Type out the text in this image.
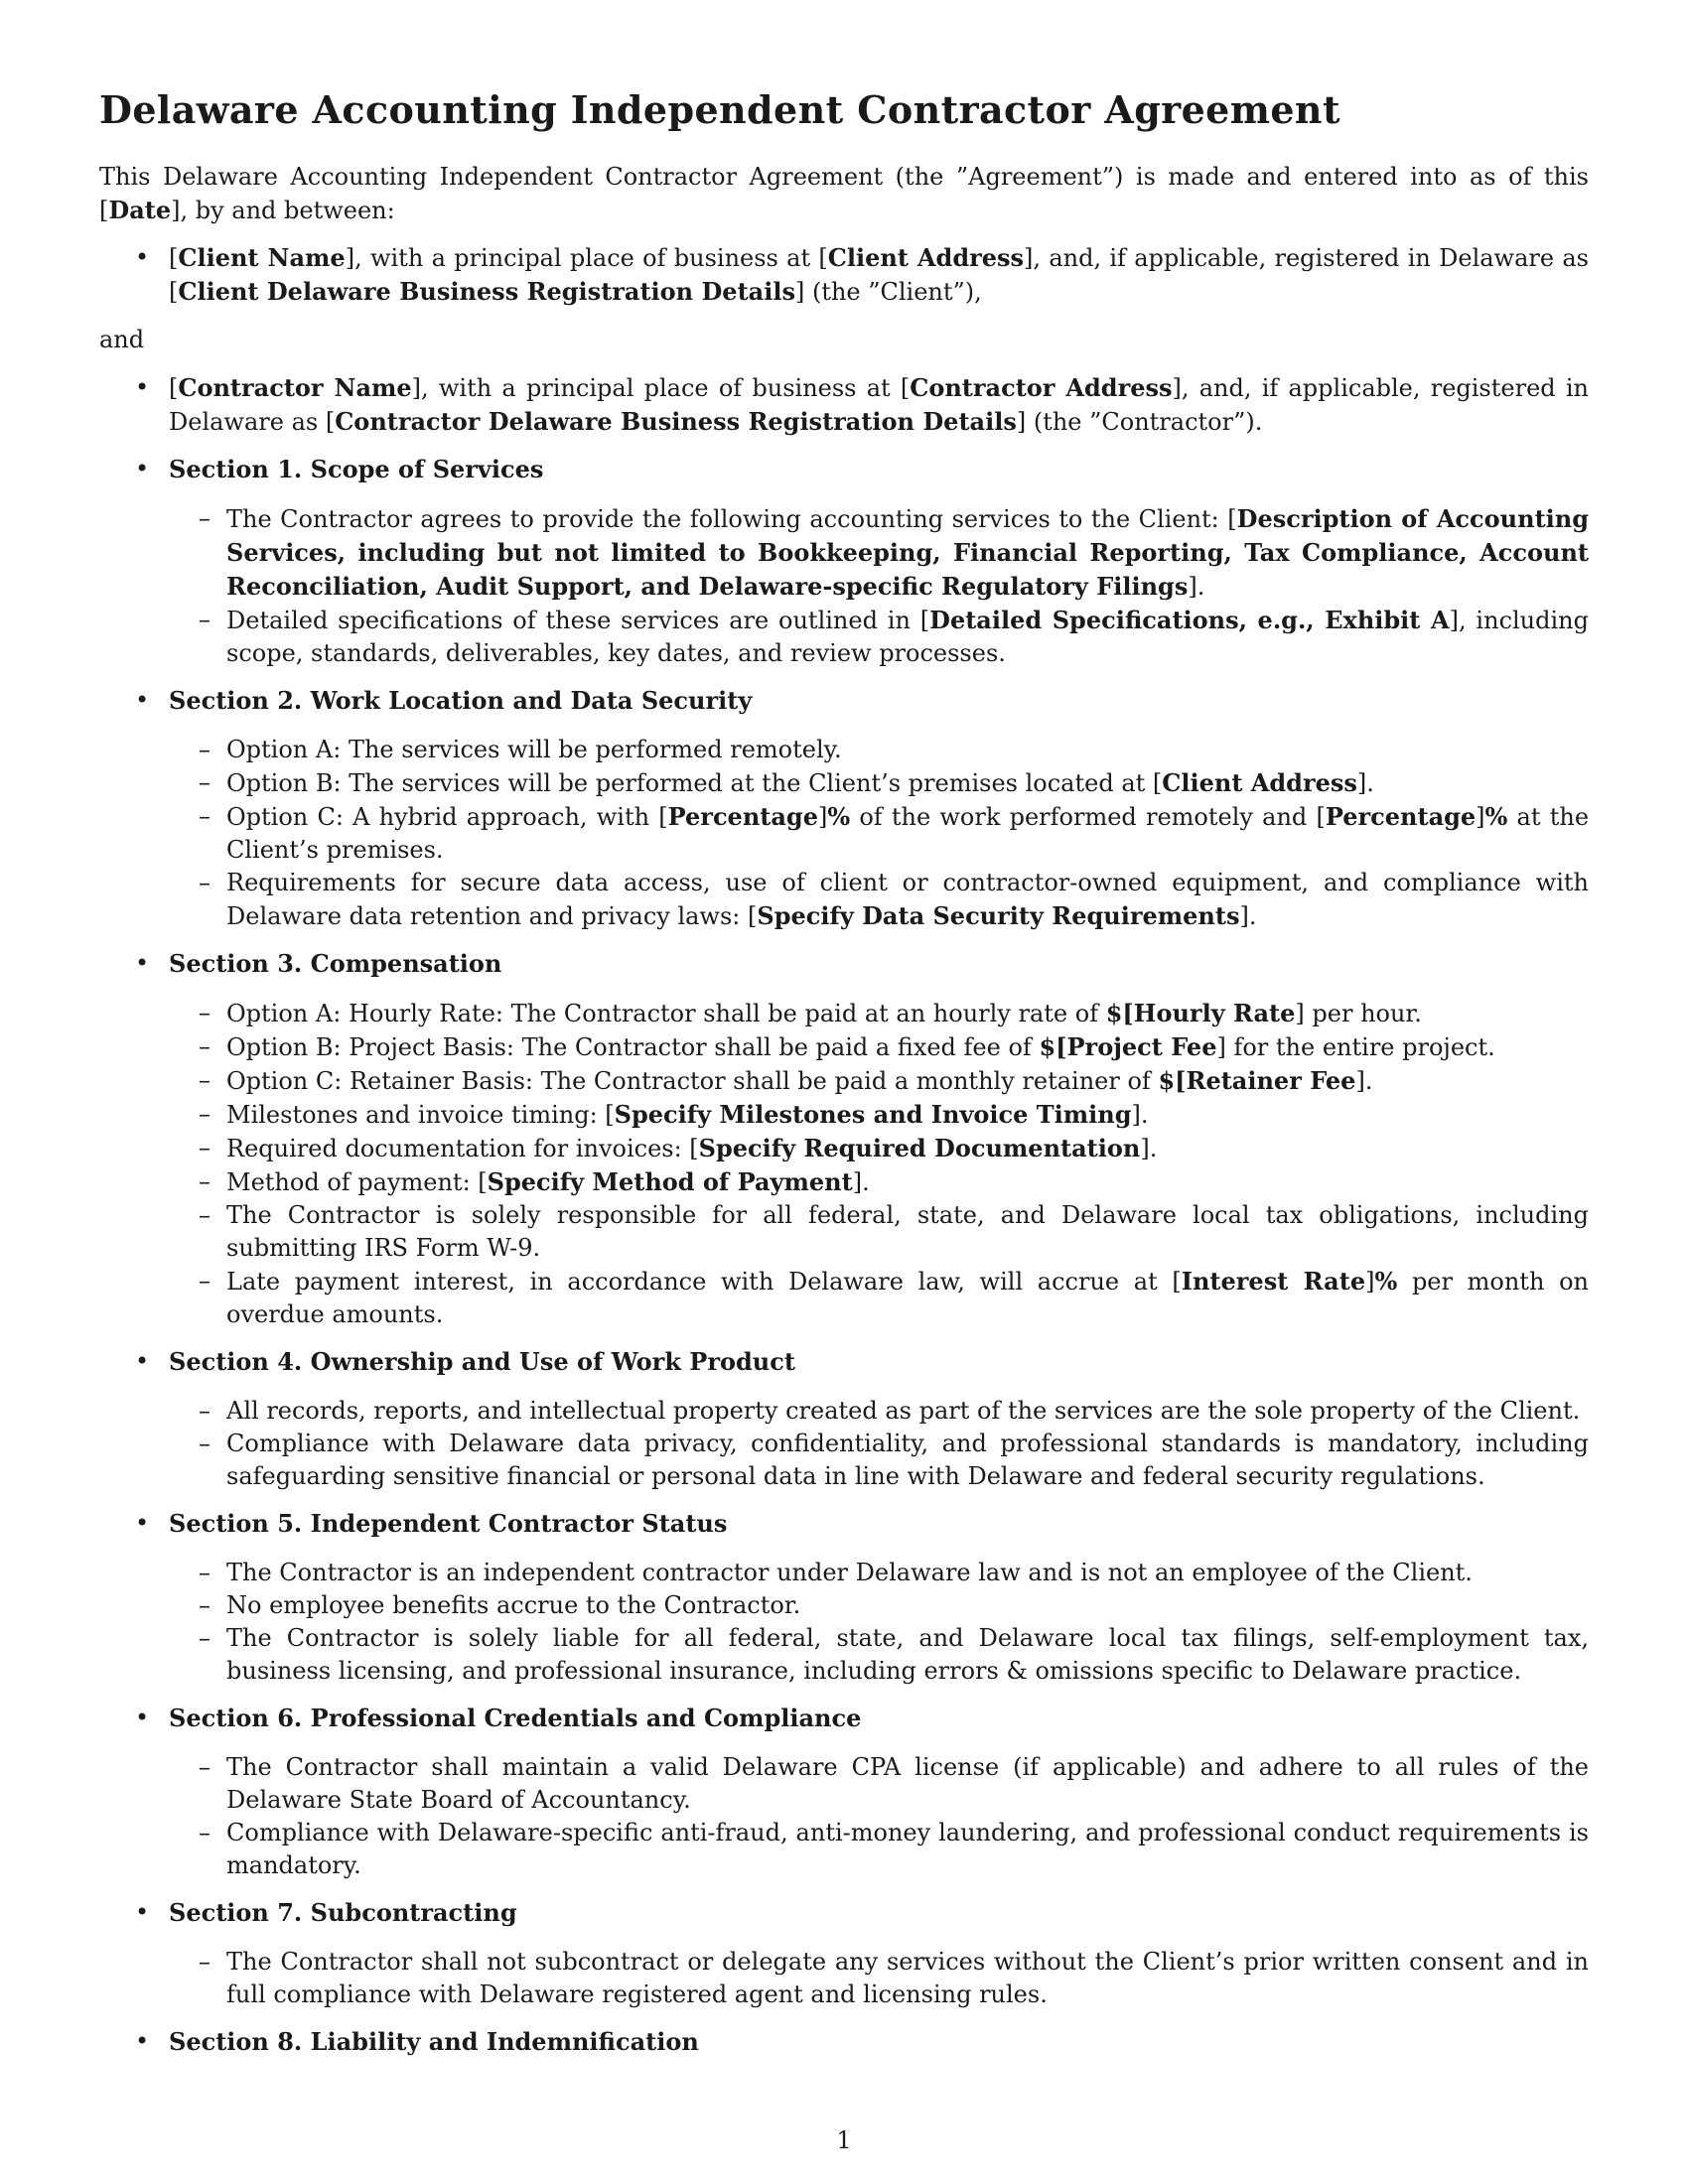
Delaware Accounting Independent Contractor Agreement

This Delaware Accounting Independent Contractor Agreement (the ”Agreement”) is made and entered into as of this [Date], by and between:

• [Client Name], with a principal place of business at [Client Address], and, if applicable, registered in Delaware as [Client Delaware Business Registration Details] (the ”Client”),

and

• [Contractor Name], with a principal place of business at [Contractor Address], and, if applicable, registered in Delaware as [Contractor Delaware Business Registration Details] (the ”Contractor”).
• Section 1. Scope of Services
– The Contractor agrees to provide the following accounting services to the Client: [Description of Accounting Services, including but not limited to Bookkeeping, Financial Reporting, Tax Compliance, Account Reconciliation, Audit Support, and Delaware-specific Regulatory Filings].
– Detailed specifications of these services are outlined in [Detailed Specifications, e.g., Exhibit A], including scope, standards, deliverables, key dates, and review processes.
• Section 2. Work Location and Data Security
– Option A: The services will be performed remotely.
– Option B: The services will be performed at the Client’s premises located at [Client Address].
– Option C: A hybrid approach, with [Percentage]% of the work performed remotely and [Percentage]% at the Client’s premises.
– Requirements for secure data access, use of client or contractor-owned equipment, and compliance with Delaware data retention and privacy laws: [Specify Data Security Requirements].
• Section 3. Compensation
– Option A: Hourly Rate: The Contractor shall be paid at an hourly rate of $[Hourly Rate] per hour.
– Option B: Project Basis: The Contractor shall be paid a fixed fee of $[Project Fee] for the entire project.
– Option C: Retainer Basis: The Contractor shall be paid a monthly retainer of $[Retainer Fee].
– Milestones and invoice timing: [Specify Milestones and Invoice Timing].
– Required documentation for invoices: [Specify Required Documentation].
– Method of payment: [Specify Method of Payment].
– The Contractor is solely responsible for all federal, state, and Delaware local tax obligations, including submitting IRS Form W-9.
– Late payment interest, in accordance with Delaware law, will accrue at [Interest Rate]% per month on overdue amounts.
• Section 4. Ownership and Use of Work Product
– All records, reports, and intellectual property created as part of the services are the sole property of the Client.
– Compliance with Delaware data privacy, confidentiality, and professional standards is mandatory, including safeguarding sensitive financial or personal data in line with Delaware and federal security regulations.
• Section 5. Independent Contractor Status
– The Contractor is an independent contractor under Delaware law and is not an employee of the Client.
– No employee benefits accrue to the Contractor.
– The Contractor is solely liable for all federal, state, and Delaware local tax filings, self-employment tax, business licensing, and professional insurance, including errors & omissions specific to Delaware practice.
• Section 6. Professional Credentials and Compliance
– The Contractor shall maintain a valid Delaware CPA license (if applicable) and adhere to all rules of the Delaware State Board of Accountancy.
– Compliance with Delaware-specific anti-fraud, anti-money laundering, and professional conduct requirements is mandatory.
• Section 7. Subcontracting
– The Contractor shall not subcontract or delegate any services without the Client’s prior written consent and in full compliance with Delaware registered agent and licensing rules.
• Section 8. Liability and Indemnification

1
